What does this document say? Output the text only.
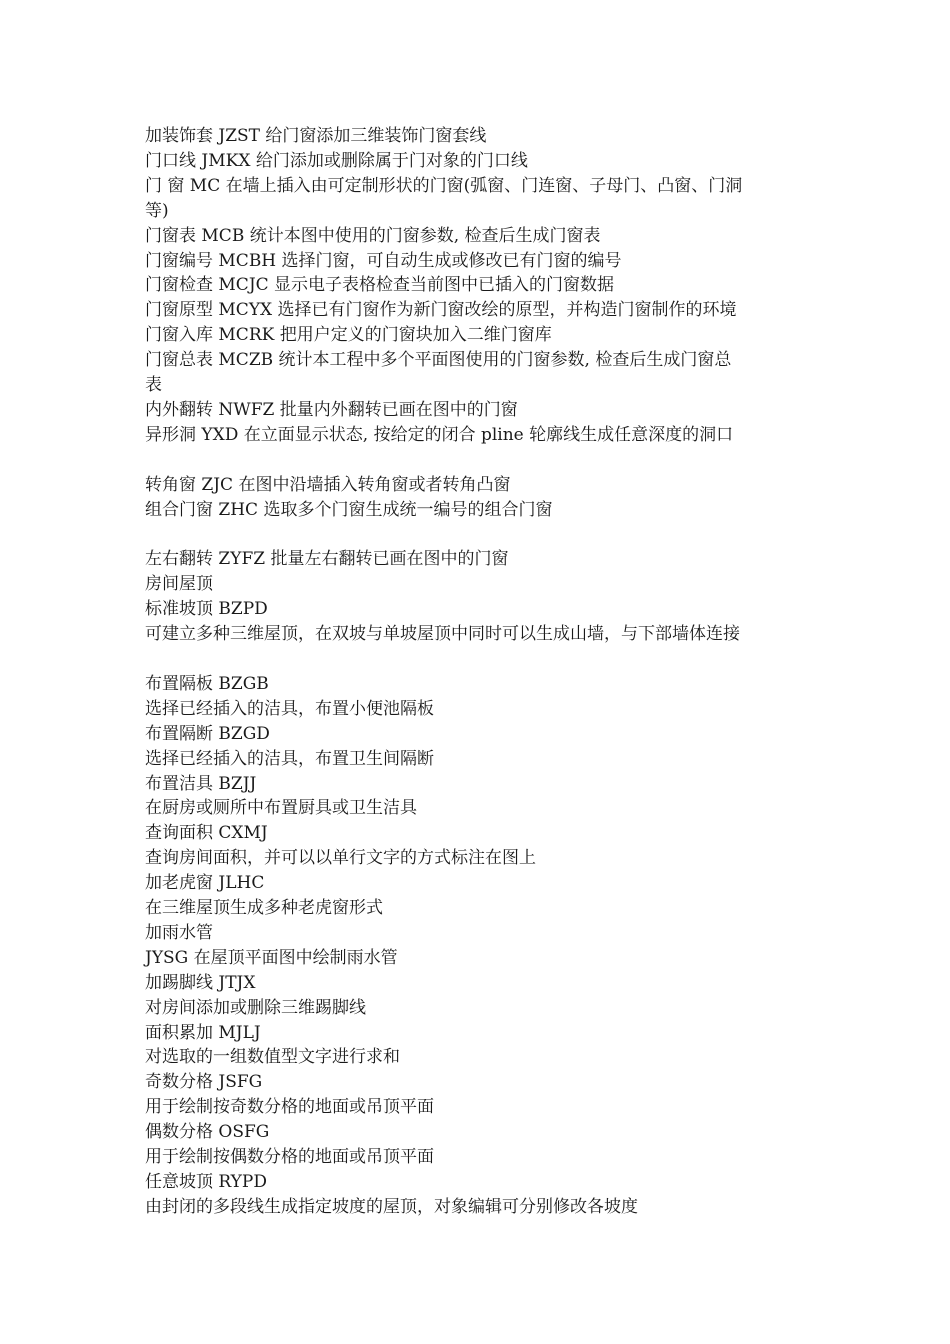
加装饰套 JZST 给门窗添加三维装饰门窗套线

门口线 JMKX 给门添加或删除属于门对象的门口线

门 窗 MC 在墙上插入由可定制形状的门窗(弧窗、门连窗、子母门、凸窗、门洞

等)

门窗表 MCB 统计本图中使用的门窗参数, 检查后生成门窗表

门窗编号 MCBH 选择门窗，可自动生成或修改已有门窗的编号

门窗检查 MCJC 显示电子表格检查当前图中已插入的门窗数据

门窗原型 MCYX 选择已有门窗作为新门窗改绘的原型，并构造门窗制作的环境

门窗入库 MCRK 把用户定义的门窗块加入二维门窗库

门窗总表 MCZB 统计本工程中多个平面图使用的门窗参数, 检查后生成门窗总

表

内外翻转 NWFZ 批量内外翻转已画在图中的门窗

异形洞 YXD 在立面显示状态, 按给定的闭合 pline 轮廓线生成任意深度的洞口

转角窗 ZJC 在图中沿墙插入转角窗或者转角凸窗

组合门窗 ZHC 选取多个门窗生成统一编号的组合门窗

左右翻转 ZYFZ 批量左右翻转已画在图中的门窗

房间屋顶

标准坡顶 BZPD

可建立多种三维屋顶，在双坡与单坡屋顶中同时可以生成山墙，与下部墙体连接

布置隔板 BZGB

选择已经插入的洁具，布置小便池隔板

布置隔断 BZGD

选择已经插入的洁具，布置卫生间隔断

布置洁具 BZJJ

在厨房或厕所中布置厨具或卫生洁具

查询面积 CXMJ

查询房间面积，并可以以单行文字的方式标注在图上

加老虎窗 JLHC

在三维屋顶生成多种老虎窗形式

加雨水管

JYSG 在屋顶平面图中绘制雨水管

加踢脚线 JTJX

对房间添加或删除三维踢脚线

面积累加 MJLJ

对选取的一组数值型文字进行求和

奇数分格 JSFG

用于绘制按奇数分格的地面或吊顶平面

偶数分格 OSFG

用于绘制按偶数分格的地面或吊顶平面

任意坡顶 RYPD

由封闭的多段线生成指定坡度的屋顶，对象编辑可分别修改各坡度
